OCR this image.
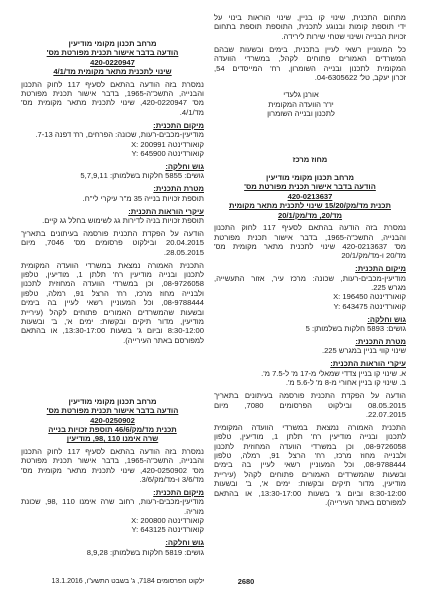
מתחום התכנית, שינוי קו בניין, שינוי הוראות בינוי על
ידי תוספת קומות ובנוגע לתכנית, התוספת תוספת בתחום
זכויות הבנייה ושינוי שטחי שירות לירידה.
כל המעוניין רשאי לעיין בתכנית, בימים ובשעות שבהם
המשרדים האמורים פתוחים לקהל, במשרדי הוועדה
המקומית לתכנון ובנייה השומרון, רח' המייסדים 54,
זכרון יעקב, טל' 04-6305622.
אורנן גלעדי
יו"ר הוועדה המקומית
לתכנון ובנייה השומרון
מחוז מרכז
מרחב תכנון מקומי מודיעין
הודעה בדבר אישור תכנית מפורטת מס'
420-0213637
תכנית מד/מק/15/20 שינוי לתכנית מתאר מקומית
מד/20, מד/מק/20/1
נמסרת בזה הודעה בהתאם לסעיף 117 לחוק התכנון
והבנייה, התשכ"ה-1965, בדבר אישור תכנית מפורטת
מס' 420-0213637 שינוי לתכנית מתאר מקומית מס'
מד/20 ו-מד/מק/20/1
מיקום התכנית:
מודיעין-מכבים-רעות, שכונה: מרכז עיר, אזור התעשייה,
מגרש 225.
קואורדינטה X: 196450
קואורדינטה Y: 643475
גוש וחלקה:
גושים: 5893 חלקות בשלמותן: 5
מטרת התכנית:
שינוי קווי בניין במגרש 225.
עיקרי הוראות התכנית:
א. שינוי קו בניין צדדי שמאלי מ-17 מ' ל-7.5 מ'.
ב. שינוי קו בניין אחורי מ-8 מ' ל-5.6 מ'.
הודעה על הפקדת התכנית פורסמה בעיתונים בתאריך
08.05.2015 ובילקוט הפרסומים 7080, מיום
22.07.2015.
התכנית האמורה נמצאת במשרדי הוועדה המקומית
לתכנון ובנייה מודיעין רח' תלתן 1, מודיעין, טלפון
08-9726058, וכן במשרדי הוועדה המחוזית לתכנון
ולבנייה מחוז מרכז, רח' הרצל 91, רמלה, טלפון
08-9788444, וכל המעוניין רשאי לעיין בה בימים
ובשעות שהמשרדים האמורים פתוחים לקהל (עיריית
מודיעין, מדור תיקים ובקשות: ימים א', ב' ובשעות
8:30-12:00 וביום ג' בשעות 13:30-17:00, או בהתאם
למפורסם באתר העירייה).
מרחב תכנון מקומי מודיעין
הודעה בדבר אישור תכנית מפורטת מס'
420-0220947
שינוי לתכנית מתאר מקומית מד/4/1
נמסרת בזה הודעה בהתאם לסעיף 117 לחוק התכנון
והבנייה, התשכ"ה-1965, בדבר אישור תכנית מפורטת
מס' 420-0220947, שינוי לתכנית מתאר מקומית מס'
מד/4/1.
מיקום התכנית:
מודיעין-מכבים-רעות, שכונה: הפרחים, רח' דפנה 7-13.
קואורדינטה X: 200991
קואורדינטה Y: 645900
גוש וחלקה:
גושים: 5855 חלקות בשלמותן: 5,7,9,11
מטרת התכנית:
תוספת זכויות בנייה 35 מ"ר עיקרי לי"ח.
עיקרי הוראות התכנית:
תוספת זכויות בניה לדירות גג לשימוש בחלל גג קיים.
הודעה על הפקדת התכנית פורסמה בעיתונים בתאריך
20.04.2015 ובילקוט פרסומים מס' 7046, מיום
28.05.2015.
התכנית האמורה נמצאת במשרדי הוועדה המקומית
לתכנון ובנייה מודיעין רח' תלתן 1, מודיעין, טלפון
08-9726058, וכן במשרדי הוועדה המחוזית לתכנון
ולבנייה מחוז מרכז, רח' הרצל 91, רמלה, טלפון
08-9788444, וכל המעוניין רשאי לעיין בה בימים
ובשעות שהמשרדים האמורים פתוחים לקהל (עיריית
מודיעין, מדור תיקים ובקשות: ימים א', ב' ובשעות
8:30-12:00 וביום ג' בשעות 13:30-17:00, או בהתאם
למפורסם באתר העירייה).
מרחב תכנון מקומי מודיעין
הודעה בדבר אישור תכנית מפורטת מס'
420-0250902
תכנית מד/מק/46/6 תוספת זכויות בנייה
שרה אימנו 110 ,98, מודיעין
נמסרת בזה הודעה בהתאם לסעיף 117 לחוק התכנון
והבנייה, התשכ"ה-1965, בדבר אישור תכנית מפורטת
מס' 420-0250902, שינוי לתכנית מתאר מקומית מס'
מד/3/6 ו-מד/מק/3/6.
מיקום התכנית:
מודיעין-מכבים-רעות, רחוב שרה אימנו 110 ,98, שכונת
מוריה.
קואורדינטה X: 200800
קואורדינטה Y: 643125
גוש וחלקה:
גושים: 5819 חלקות בשלמותן: 8,9,28
ילקוט הפרסומים 7184, ג' בשבט התשע"ו, 13.1.2016	2680
